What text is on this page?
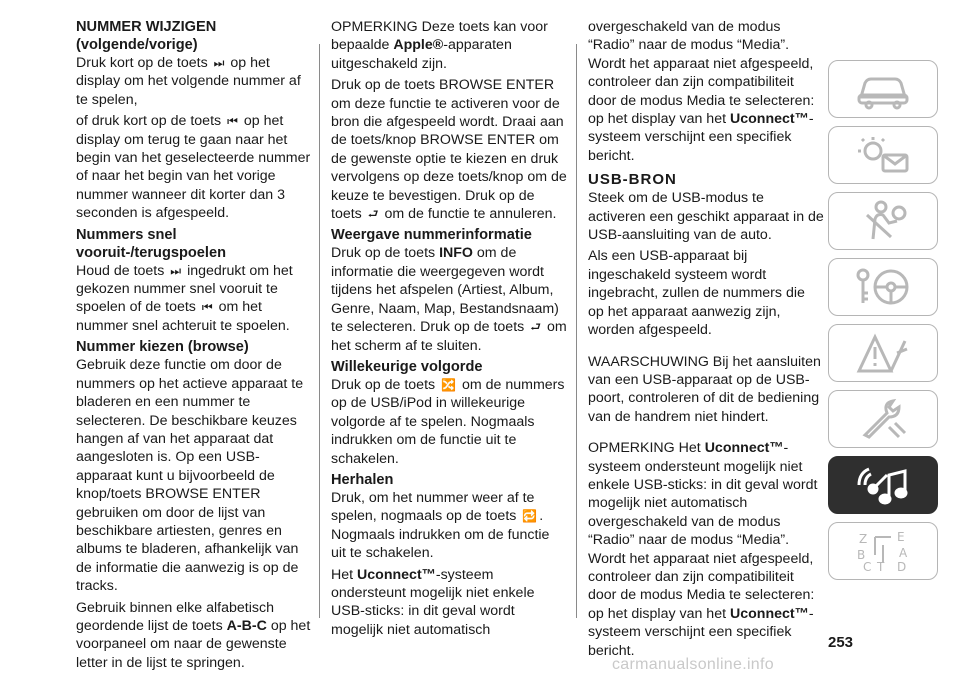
NUMMER WIJZIGEN (volgende/vorige)

Druk kort op de toets ⏭ op het display om het volgende nummer af te spelen,

of druk kort op de toets ⏮ op het display om terug te gaan naar het begin van het geselecteerde nummer of naar het begin van het vorige nummer wanneer dit korter dan 3 seconden is afgespeeld.

Nummers snel vooruit-/terugspoelen

Houd de toets ⏭ ingedrukt om het gekozen nummer snel vooruit te spoelen of de toets ⏮ om het nummer snel achteruit te spoelen.

Nummer kiezen (browse)

Gebruik deze functie om door de nummers op het actieve apparaat te bladeren en een nummer te selecteren. De beschikbare keuzes hangen af van het apparaat dat aangesloten is. Op een USB-apparaat kunt u bijvoorbeeld de knop/toets BROWSE ENTER gebruiken om door de lijst van beschikbare artiesten, genres en albums te bladeren, afhankelijk van de informatie die aanwezig is op de tracks.

Gebruik binnen elke alfabetisch geordende lijst de toets A-B-C op het voorpaneel om naar de gewenste letter in de lijst te springen.

OPMERKING Deze toets kan voor bepaalde Apple®-apparaten uitgeschakeld zijn.

Druk op de toets BROWSE ENTER om deze functie te activeren voor de bron die afgespeeld wordt. Draai aan de toets/knop BROWSE ENTER om de gewenste optie te kiezen en druk vervolgens op deze toets/knop om de keuze te bevestigen. Druk op de toets ⮐ om de functie te annuleren.

Weergave nummerinformatie

Druk op de toets INFO om de informatie die weergegeven wordt tijdens het afspelen (Artiest, Album, Genre, Naam, Map, Bestandsnaam) te selecteren. Druk op de toets ⮐ om het scherm af te sluiten.

Willekeurige volgorde

Druk op de toets 🔀 om de nummers op de USB/iPod in willekeurige volgorde af te spelen. Nogmaals indrukken om de functie uit te schakelen.

Herhalen

Druk, om het nummer weer af te spelen, nogmaals op de toets 🔁 . Nogmaals indrukken om de functie uit te schakelen.

Het Uconnect™-systeem ondersteunt mogelijk niet enkele USB-sticks: in dit geval wordt mogelijk niet automatisch

overgeschakeld van de modus “Radio” naar de modus “Media”. Wordt het apparaat niet afgespeeld, controleer dan zijn compatibiliteit door de modus Media te selecteren: op het display van het Uconnect™-systeem verschijnt een specifiek bericht.

USB-BRON

Steek om de USB-modus te activeren een geschikt apparaat in de USB-aansluiting van de auto.

Als een USB-apparaat bij ingeschakeld systeem wordt ingebracht, zullen de nummers die op het apparaat aanwezig zijn, worden afgespeeld.

WAARSCHUWING Bij het aansluiten van een USB-apparaat op de USB-poort, controleren of dit de bediening van de handrem niet hindert.

OPMERKING Het Uconnect™-systeem ondersteunt mogelijk niet enkele USB-sticks: in dit geval wordt mogelijk niet automatisch overgeschakeld van de modus “Radio” naar de modus “Media”. Wordt het apparaat niet afgespeeld, controleer dan zijn compatibiliteit door de modus Media te selecteren: op het display van het Uconnect™-systeem verschijnt een specifiek bericht.

Z E
B	A
C T D
253
carmanualsonline.info
